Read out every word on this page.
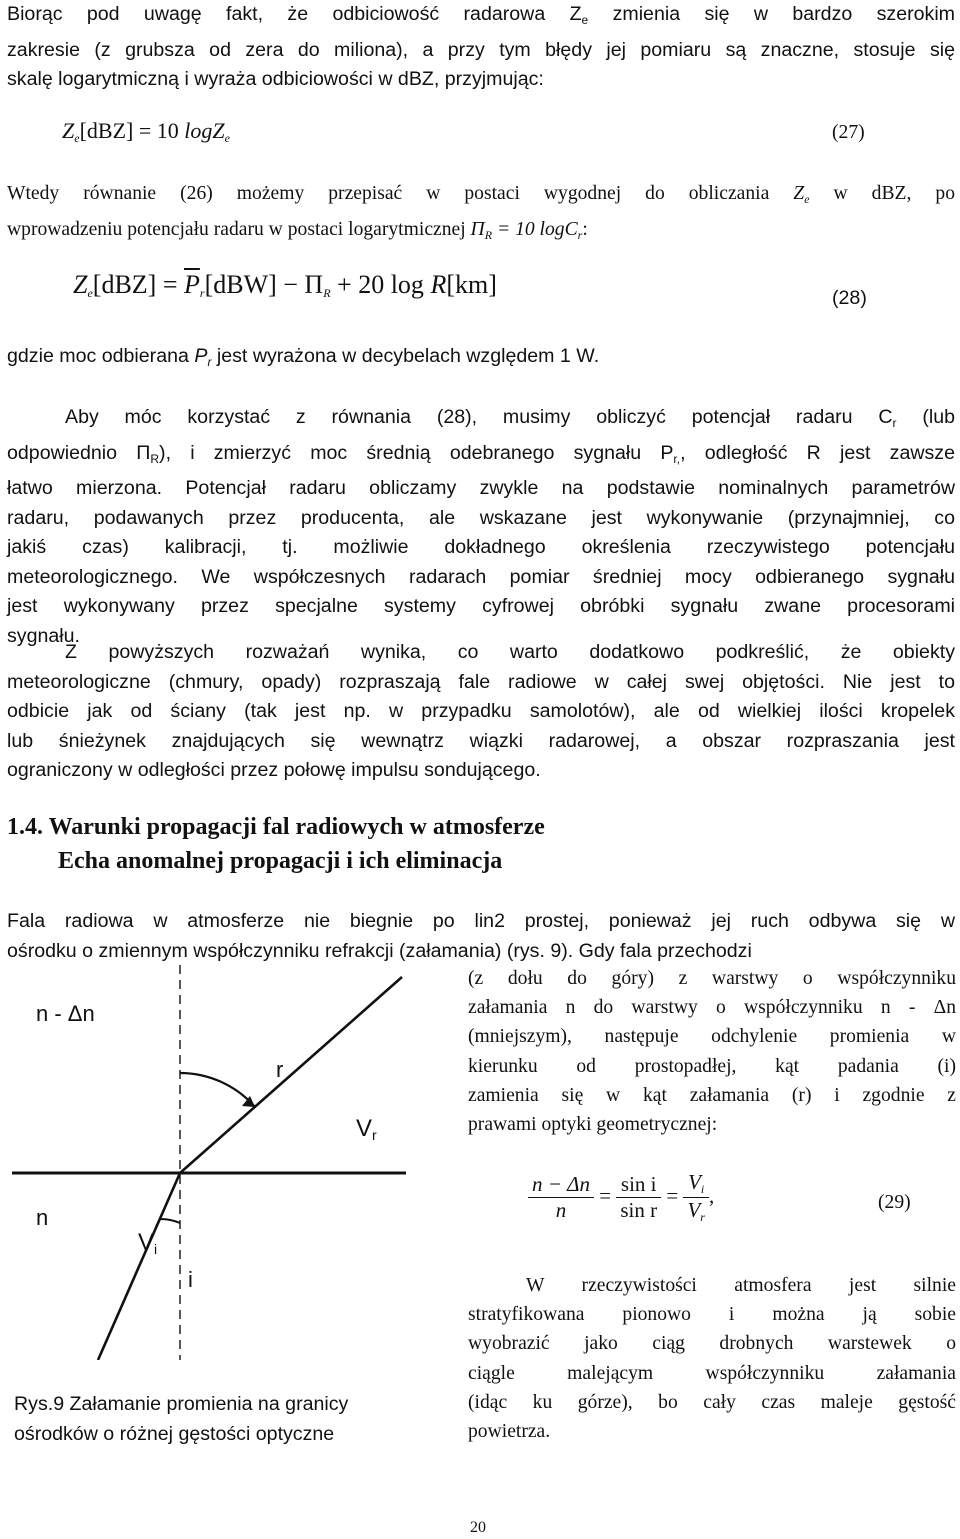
Biorąc pod uwagę fakt, że odbiciowość radarowa $Z_e$ zmienia się w bardzo szerokim
zakresie (z grubsza od zera do miliona), a przy tym błędy jej pomiaru są znaczne, stosuje się
skalę logarytmiczną i wyraża odbiciowości w dBZ, przyjmując:
$Z_e[dBZ] = 10$ logZ$_e$	(27)
Wtedy równanie (26) możemy przepisać w postaci wygodnej do obliczania $Z_e$ w dBZ, po
wprowadzeniu potencjału radaru w postaci logarytmicznej $\Pi_R = 10$ logC$_r$:
$Z_e[dBZ] = \overline{P}_r[dBW] - \Pi_R + 20$ log R[km]	(28)
gdzie moc odbierana $P_r$ jest wyrażona w decybelach względem 1 W.
Aby móc korzystać z równania (28), musimy obliczyć potencjał radaru $C_r$ (lub
odpowiednio $\Pi_R$), i zmierzyć moc średnią odebranego sygnału $P_{r,}$, odległość R jest zawsze
łatwo mierzona. Potencjał radaru obliczamy zwykle na podstawie nominalnych parametrów
radaru, podawanych przez producenta, ale wskazane jest wykonywanie (przynajmniej, co
jakiś czas) kalibracji, tj. możliwie dokładnego określenia rzeczywistego potencjału
meteorologicznego. We współczesnych radarach pomiar średniej mocy odbieranego sygnału
jest wykonywany przez specjalne systemy cyfrowej obróbki sygnału zwane procesorami
sygnału.
Z powyższych rozważań wynika, co warto dodatkowo podkreślić, że obiekty
meteorologiczne (chmury, opady) rozpraszają fale radiowe w całej swej objętości. Nie jest to
odbicie jak od ściany (tak jest np. w przypadku samolotów), ale od wielkiej ilości kropelek
lub śnieżynek znajdujących się wewnątrz wiązki radarowej, a obszar rozpraszania jest
ograniczony w odległości przez połowę impulsu sondującego.
1.4. Warunki propagacji fal radiowych w atmosferze
Echa anomalnej propagacji i ich eliminacja
Fala radiowa w atmosferze nie biegnie po lin2 prostej, ponieważ jej ruch odbywa się w
ośrodku o zmiennym współczynniku refrakcji (załamania) (rys. 9). Gdy fala przechodzi
(z dołu do góry) z warstwy o współczynniku
załamania n do warstwy o współczynniku n - Δn
(mniejszym), następuje odchylenie promienia w
kierunku od prostopadłej, kąt padania (i)
zamienia się w kąt załamania (r) i zgodnie z
prawami optyki geometrycznej:
$\frac{n - \Delta n}{n} = \frac{\text{sin i}}{\text{sin r}} = \frac{V_i}{V_r}$ ,	(29)
W rzeczywistości atmosfera jest silnie
stratyfikowana pionowo i można ją sobie
wyobrazić jako ciąg drobnych warstewek o
ciągle malejącym współczynniku załamania
(idąc ku górze), bo cały czas maleje gęstość
powietrza.
n - Δn
n
r
$V_r$
$V_i$
i
Rys.9 Załamanie promienia na granicy
ośrodków o różnej gęstości optyczne
20
